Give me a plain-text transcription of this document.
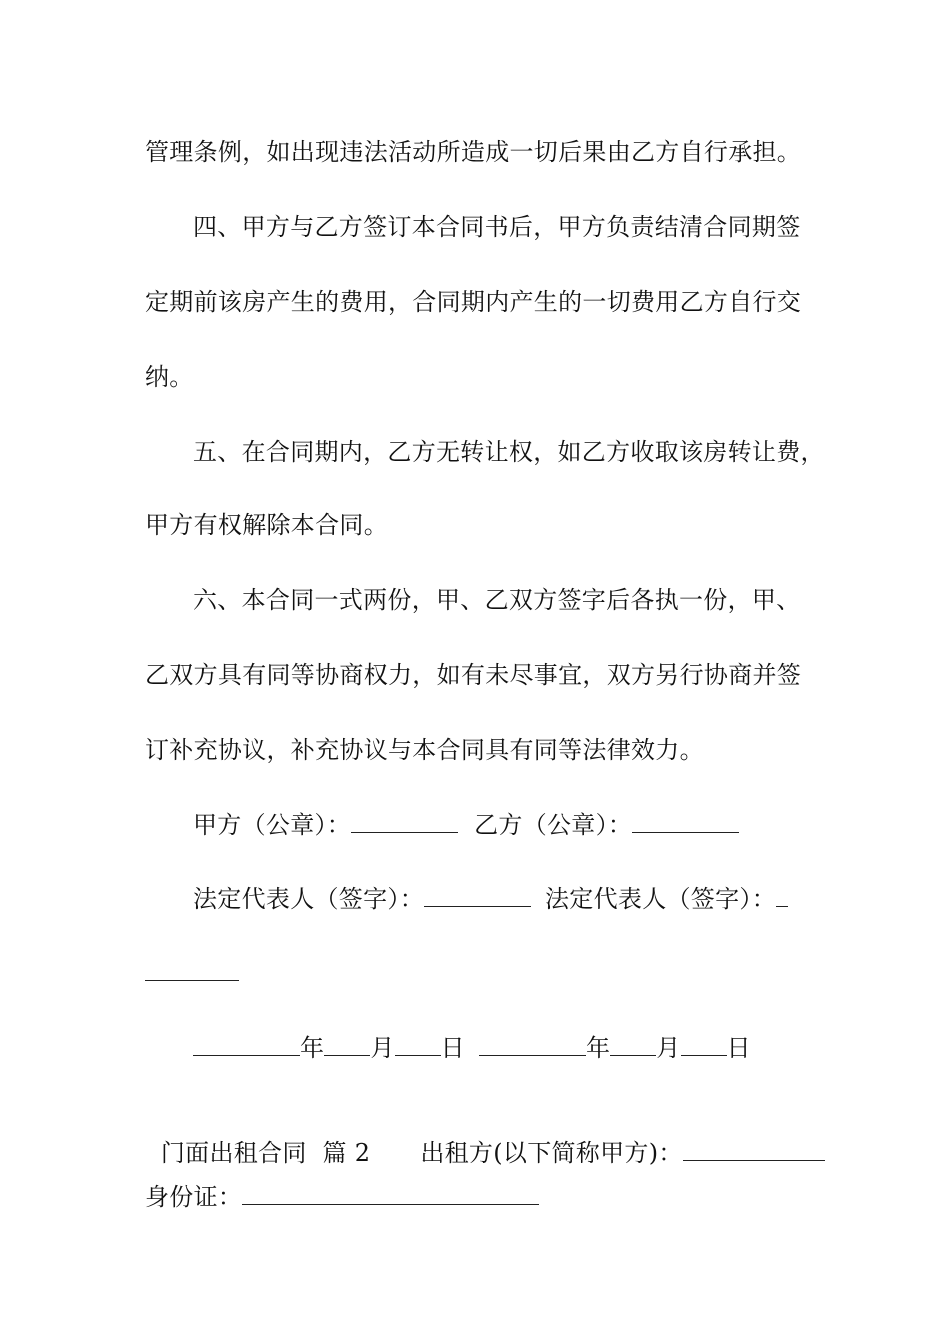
管理条例，如出现违法活动所造成一切后果由乙方自行承担。
四、甲方与乙方签订本合同书后，甲方负责结清合同期签
定期前该房产生的费用，合同期内产生的一切费用乙方自行交
纳。
五、在合同期内，乙方无转让权，如乙方收取该房转让费，
甲方有权解除本合同。
六、本合同一式两份，甲、乙双方签字后各执一份，甲、
乙双方具有同等协商权力，如有未尽事宜，双方另行协商并签
订补充协议，补充协议与本合同具有同等法律效力。
甲方（公章）：	乙方（公章）：
法定代表人（签字）：	法定代表人（签字）：
年 月 日	年 月 日

门面出租合同  篇 2 出租方(以下简称甲方)：

身份证：
